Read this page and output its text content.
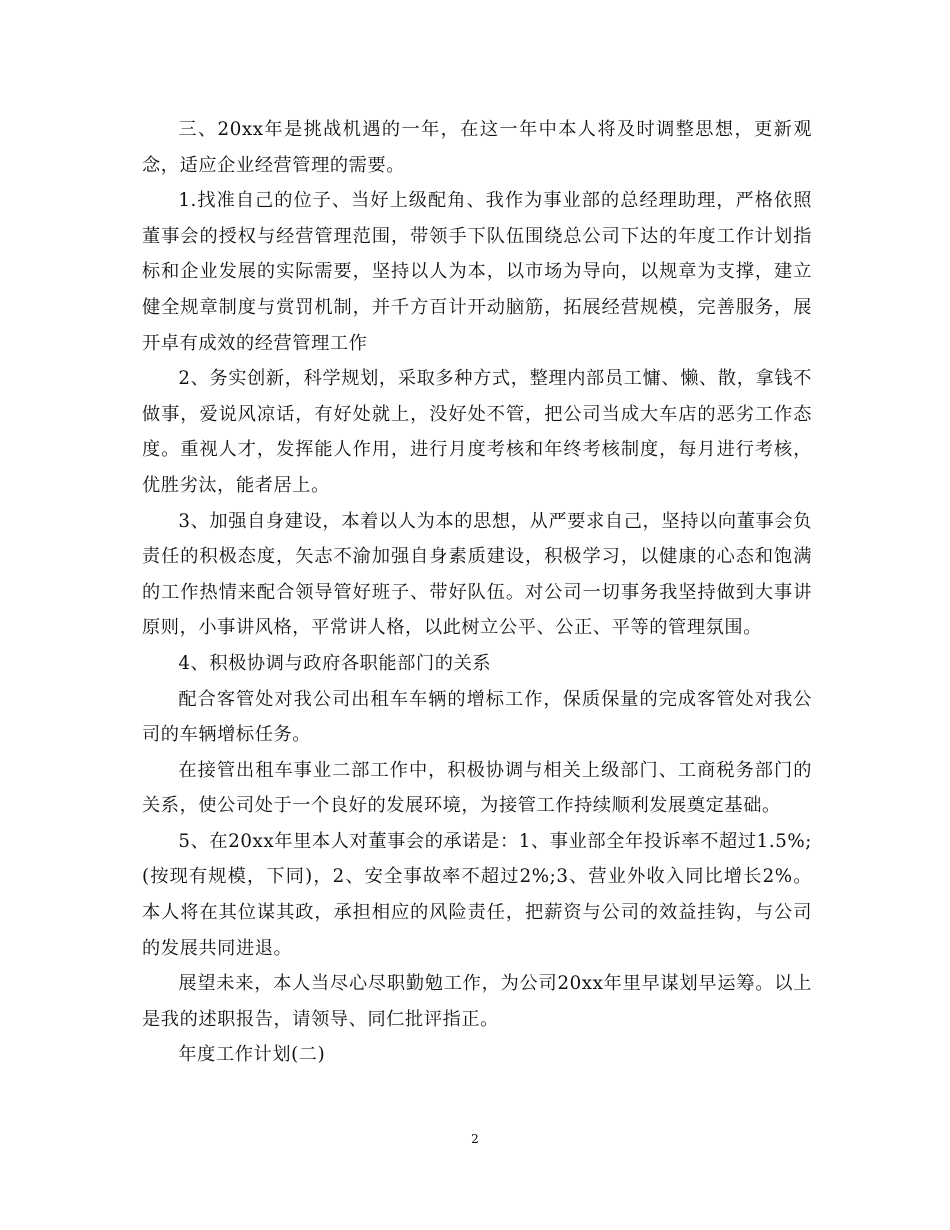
三、20xx年是挑战机遇的一年，在这一年中本人将及时调整思想，更新观念，适应企业经营管理的需要。

1.找准自己的位子、当好上级配角、我作为事业部的总经理助理，严格依照董事会的授权与经营管理范围，带领手下队伍围绕总公司下达的年度工作计划指标和企业发展的实际需要，坚持以人为本，以市场为导向，以规章为支撑，建立健全规章制度与赏罚机制，并千方百计开动脑筋，拓展经营规模，完善服务，展开卓有成效的经营管理工作

2、务实创新，科学规划，采取多种方式，整理内部员工慵、懒、散，拿钱不做事，爱说风凉话，有好处就上，没好处不管，把公司当成大车店的恶劣工作态度。重视人才，发挥能人作用，进行月度考核和年终考核制度，每月进行考核，优胜劣汰，能者居上。

3、加强自身建设，本着以人为本的思想，从严要求自己，坚持以向董事会负责任的积极态度，矢志不渝加强自身素质建设，积极学习，以健康的心态和饱满的工作热情来配合领导管好班子、带好队伍。对公司一切事务我坚持做到大事讲原则，小事讲风格，平常讲人格，以此树立公平、公正、平等的管理氛围。

4、积极协调与政府各职能部门的关系

配合客管处对我公司出租车车辆的增标工作，保质保量的完成客管处对我公司的车辆增标任务。

在接管出租车事业二部工作中，积极协调与相关上级部门、工商税务部门的关系，使公司处于一个良好的发展环境，为接管工作持续顺利发展奠定基础。

5、在20xx年里本人对董事会的承诺是：1、事业部全年投诉率不超过1.5%;(按现有规模，下同)，2、安全事故率不超过2%;3、营业外收入同比增长2%。本人将在其位谋其政，承担相应的风险责任，把薪资与公司的效益挂钩，与公司的发展共同进退。

展望未来，本人当尽心尽职勤勉工作，为公司20xx年里早谋划早运筹。以上是我的述职报告，请领导、同仁批评指正。

年度工作计划(二)

2
